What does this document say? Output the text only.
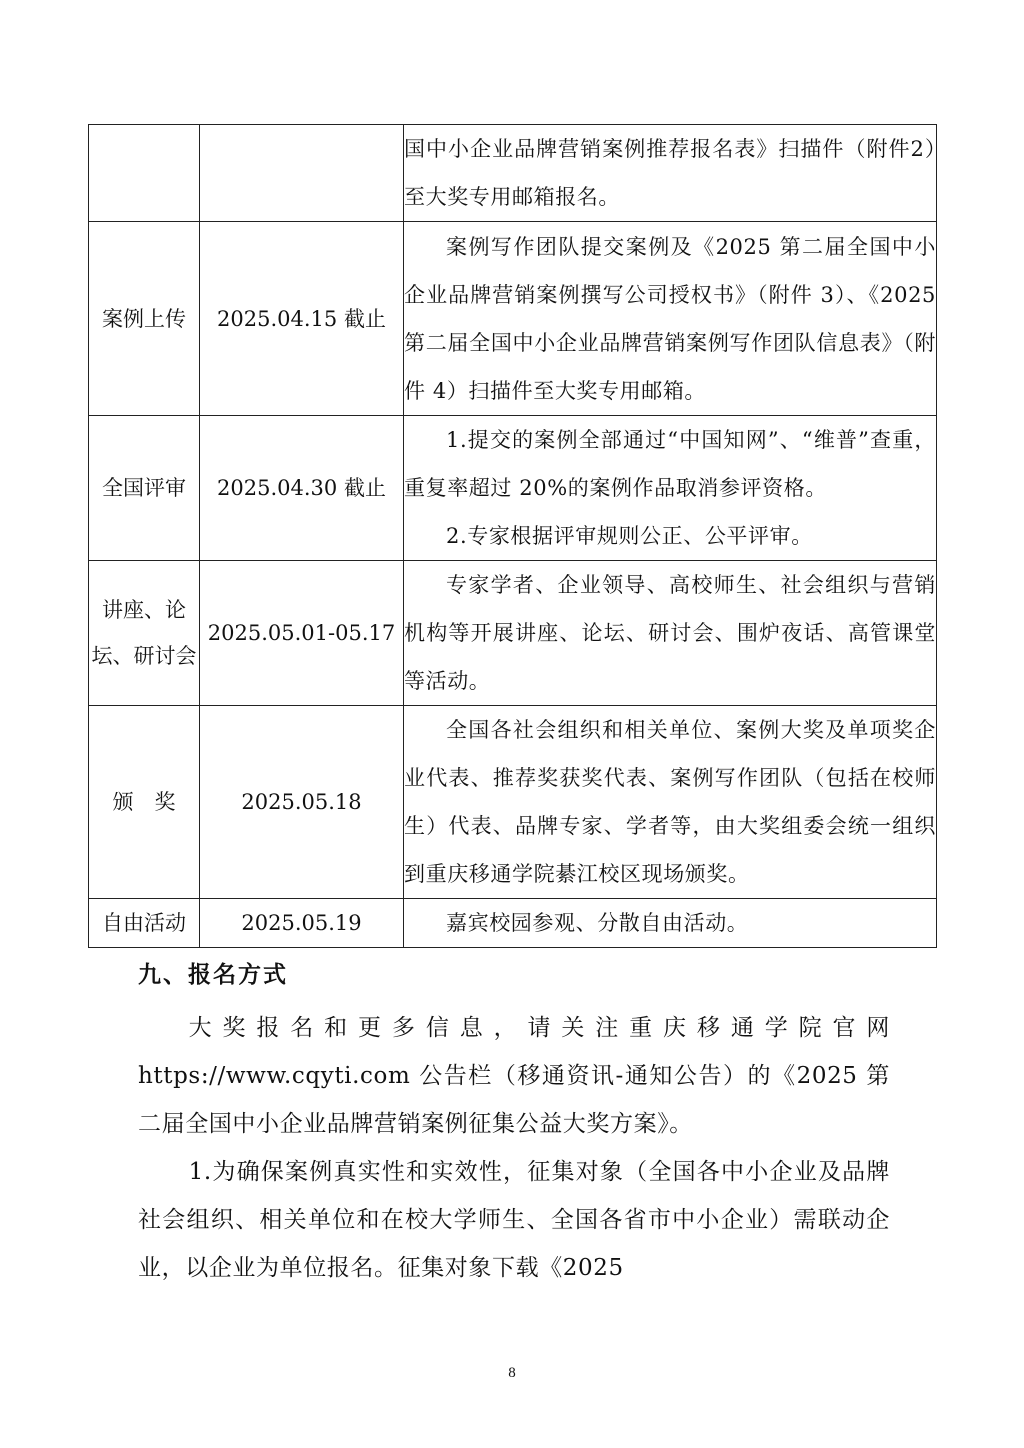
		国中小企业品牌营销案例推荐报名表》扫描件（附件2）至大奖专用邮箱报名。

案例上传	2025.04.15 截止	案例写作团队提交案例及《2025 第二届全国中小企业品牌营销案例撰写公司授权书》（附件 3）、《2025 第二届全国中小企业品牌营销案例写作团队信息表》（附件 4）扫描件至大奖专用邮箱。

全国评审	2025.04.30 截止	1.提交的案例全部通过“中国知网”、“维普”查重，重复率超过 20%的案例作品取消参评资格。
2.专家根据评审规则公正、公平评审。

讲座、论坛、研讨会	2025.05.01-05.17	专家学者、企业领导、高校师生、社会组织与营销机构等开展讲座、论坛、研讨会、围炉夜话、高管课堂等活动。

颁　奖	2025.05.18	全国各社会组织和相关单位、案例大奖及单项奖企业代表、推荐奖获奖代表、案例写作团队（包括在校师生）代表、品牌专家、学者等，由大奖组委会统一组织到重庆移通学院綦江校区现场颁奖。

自由活动	2025.05.19	嘉宾校园参观、分散自由活动。
九、报名方式
大奖报名和更多信息，请关注重庆移通学院官网 https://www.cqyti.com 公告栏（移通资讯-通知公告）的《2025 第二届全国中小企业品牌营销案例征集公益大奖方案》。
1.为确保案例真实性和实效性，征集对象（全国各中小企业及品牌社会组织、相关单位和在校大学师生、全国各省市中小企业）需联动企业，以企业为单位报名。征集对象下载《2025
8
